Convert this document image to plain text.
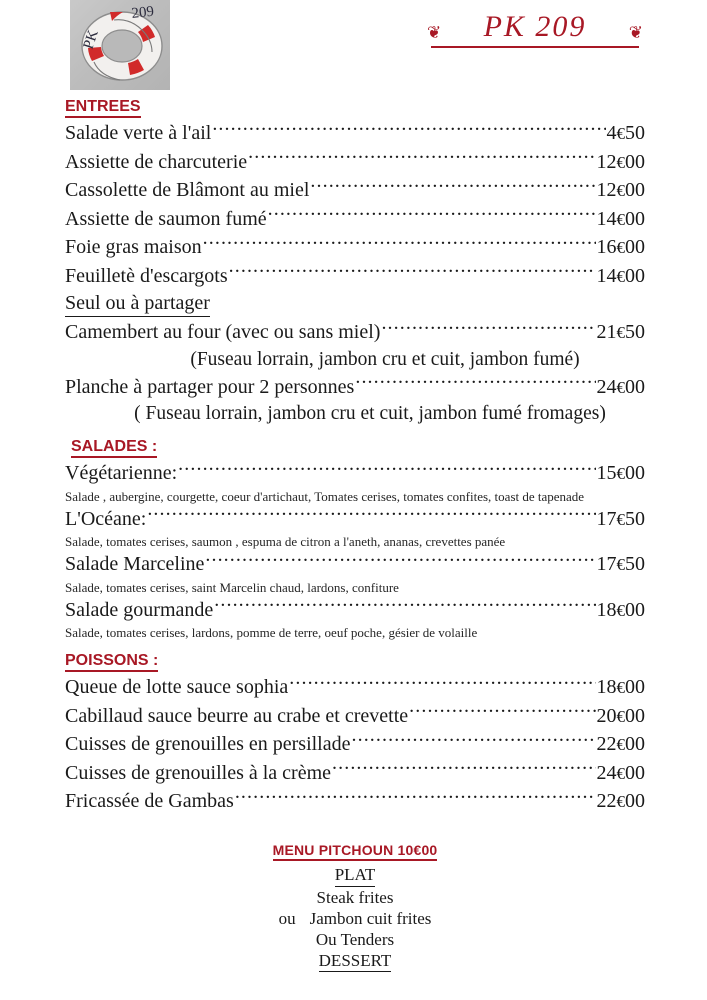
209
PK	❦	PK 209	❦
ENTREES
Salade verte à l'ail .....	4€50
Assiette de charcuterie .....	12€00
Cassolette de Blâmont au miel .....	12€00
Assiette de saumon fumé .....	14€00
Foie gras maison .....	16€00
Feuilletè d'escargots .....	14€00
Seul ou à partager
Camembert au four (avec ou sans miel) .....	21€50
(Fuseau lorrain, jambon cru et cuit, jambon fumé)
Planche à partager pour 2 personnes .....	24€00
( Fuseau lorrain, jambon cru et cuit, jambon fumé fromages)
SALADES :
Végétarienne: .....	15€00
Salade , aubergine, courgette, coeur d'artichaut, Tomates cerises, tomates confites, toast de tapenade
L'Océane: .....	17€50
Salade, tomates cerises, saumon , espuma de citron a l'aneth, ananas, crevettes panée
Salade Marceline .....	17€50
Salade, tomates cerises, saint Marcelin chaud, lardons, confiture
Salade gourmande .....	18€00
Salade, tomates cerises, lardons, pomme de terre, oeuf poche, gésier de volaille
POISSONS :
Queue de lotte sauce sophia .....	18€00
Cabillaud sauce beurre au crabe et crevette .....	20€00
Cuisses de grenouilles en persillade .....	22€00
Cuisses de grenouilles à la crème .....	24€00
Fricassée de Gambas .....	22€00
MENU PITCHOUN 10€00
PLAT
Steak frites
ou Jambon cuit frites
Ou Tenders
DESSERT
